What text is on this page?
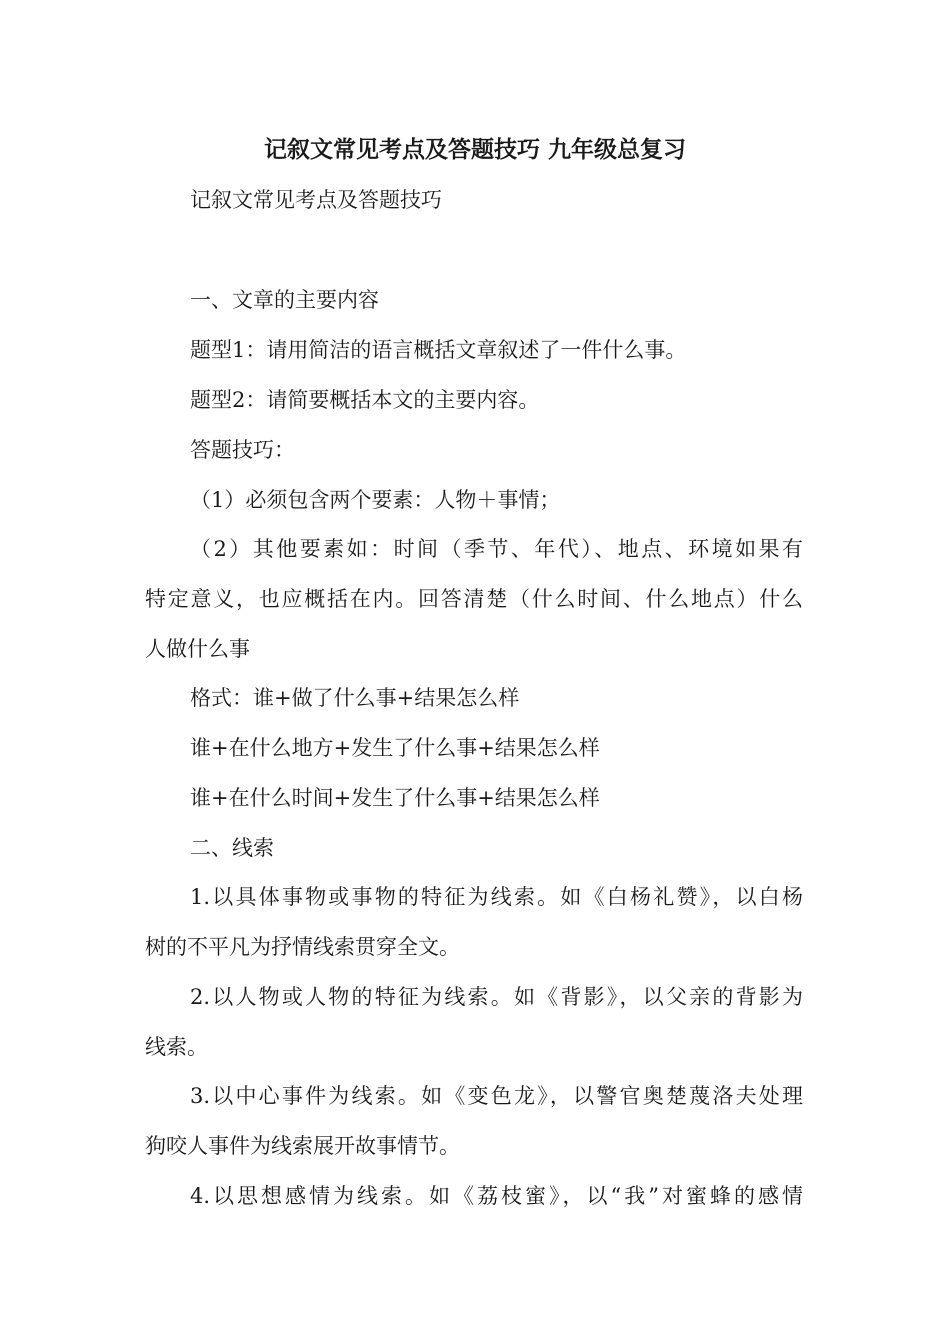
记叙文常见考点及答题技巧 九年级总复习
记叙文常见考点及答题技巧
一、文章的主要内容
题型1：请用简洁的语言概括文章叙述了一件什么事。
题型2：请简要概括本文的主要内容。
答题技巧：
（1）必须包含两个要素：人物＋事情；
（2）其他要素如：时间（季节、年代）、地点、环境如果有
特定意义，也应概括在内。回答清楚（什么时间、什么地点）什么
人做什么事
格式：谁+做了什么事+结果怎么样
谁+在什么地方+发生了什么事+结果怎么样
谁+在什么时间+发生了什么事+结果怎么样
二、线索
1.以具体事物或事物的特征为线索。如《白杨礼赞》，以白杨
树的不平凡为抒情线索贯穿全文。
2.以人物或人物的特征为线索。如《背影》，以父亲的背影为
线索。
3.以中心事件为线索。如《变色龙》，以警官奥楚蔑洛夫处理
狗咬人事件为线索展开故事情节。
4.以思想感情为线索。如《荔枝蜜》，以“我”对蜜蜂的感情
